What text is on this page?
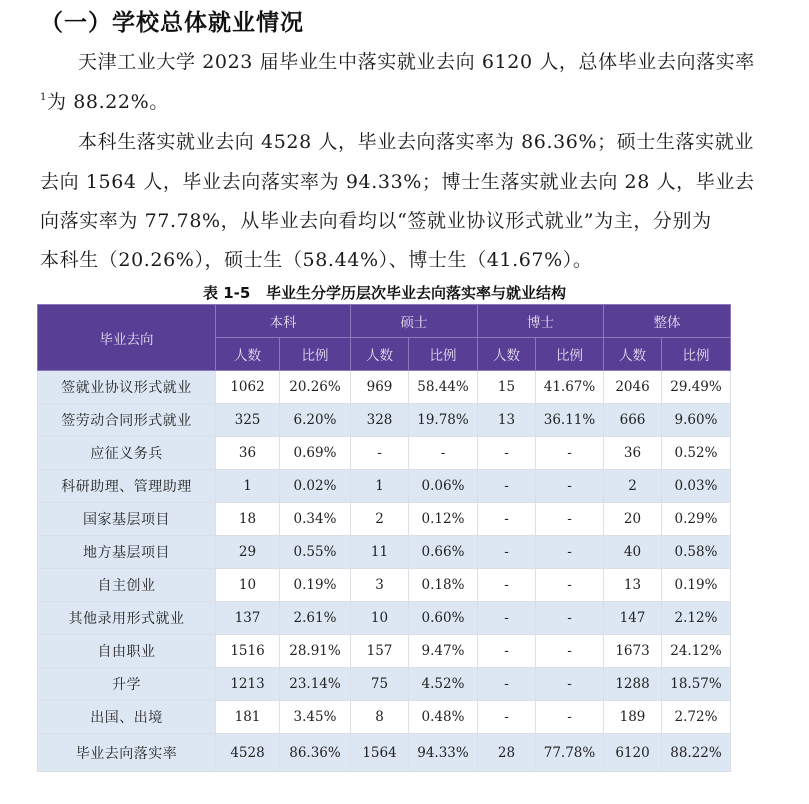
（一）学校总体就业情况
天津工业大学 2023 届毕业生中落实就业去向 6120 人，总体毕业去向落实率
$^1$为 88.22%。
本科生落实就业去向 4528 人，毕业去向落实率为 86.36%；硕士生落实就业
去向 1564 人，毕业去向落实率为 94.33%；博士生落实就业去向 28 人，毕业去
向落实率为 77.78%，从毕业去向看均以“签就业协议形式就业”为主，分别为
本科生（20.26%），硕士生（58.44%）、博士生（41.67%）。
表 1-5   毕业生分学历层次毕业去向落实率与就业结构
毕业去向	本科		硕士		博士		整体	
	人数	比例	人数	比例	人数	比例	人数	比例
签就业协议形式就业	1062	20.26%	969	58.44%	15	41.67%	2046	29.49%
签劳动合同形式就业	325	6.20%	328	19.78%	13	36.11%	666	9.60%
应征义务兵	36	0.69%	-	-	-	-	36	0.52%
科研助理、管理助理	1	0.02%	1	0.06%	-	-	2	0.03%
国家基层项目	18	0.34%	2	0.12%	-	-	20	0.29%
地方基层项目	29	0.55%	11	0.66%	-	-	40	0.58%
自主创业	10	0.19%	3	0.18%	-	-	13	0.19%
其他录用形式就业	137	2.61%	10	0.60%	-	-	147	2.12%
自由职业	1516	28.91%	157	9.47%	-	-	1673	24.12%
升学	1213	23.14%	75	4.52%	-	-	1288	18.57%
出国、出境	181	3.45%	8	0.48%	-	-	189	2.72%
毕业去向落实率	4528	86.36%	1564	94.33%	28	77.78%	6120	88.22%
